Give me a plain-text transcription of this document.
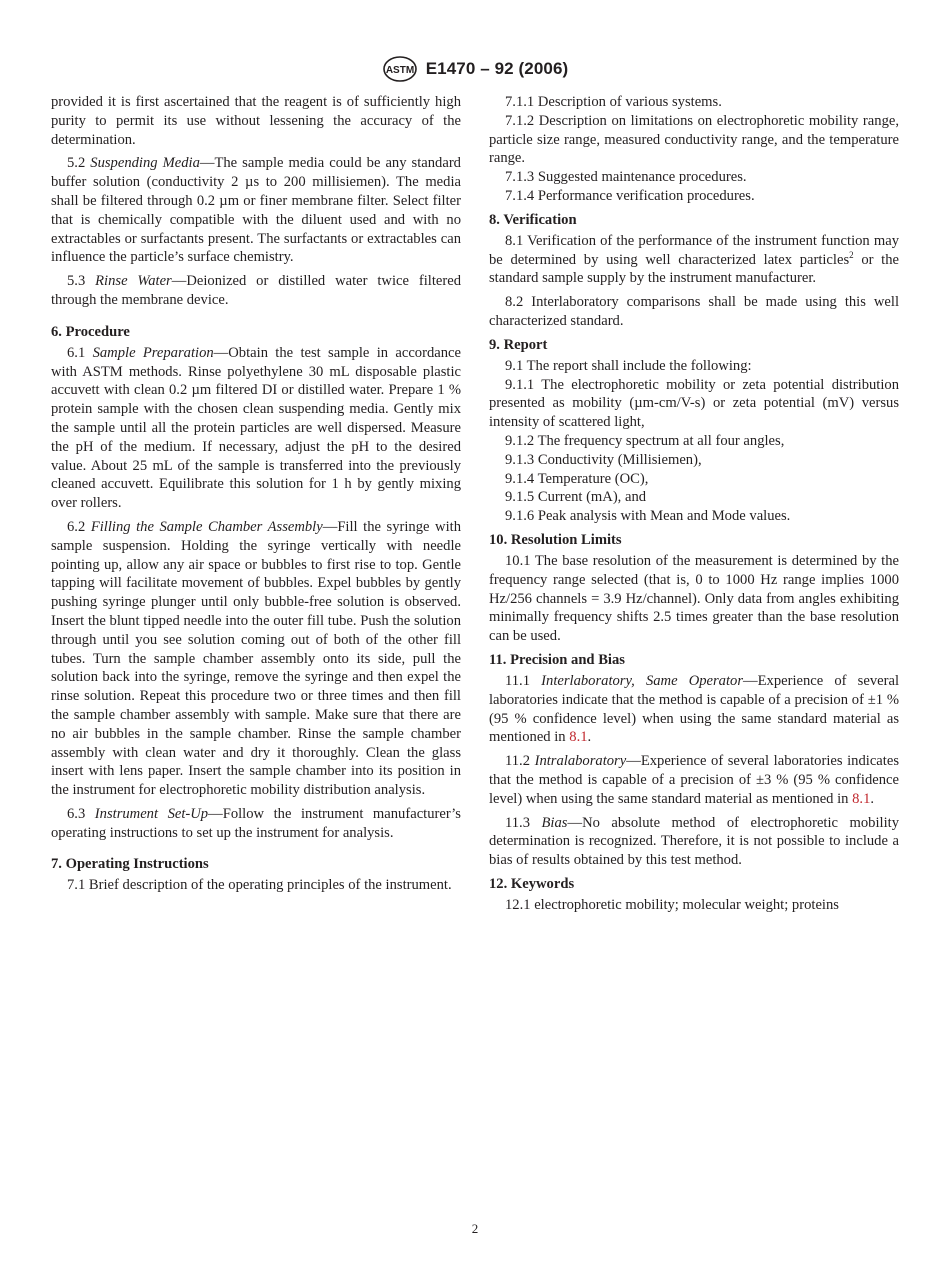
ASTM E1470 – 92 (2006)

provided it is first ascertained that the reagent is of sufficiently high purity to permit its use without lessening the accuracy of the determination.

5.2 Suspending Media—The sample media could be any standard buffer solution (conductivity 2 µs to 200 millisiemen). The media shall be filtered through 0.2 µm or finer membrane filter. Select filter that is chemically compatible with the diluent used and with no extractables or surfactants present. The surfactants or extractables can influence the particle’s surface chemistry.

5.3 Rinse Water—Deionized or distilled water twice filtered through the membrane device.

6. Procedure

6.1 Sample Preparation—Obtain the test sample in accordance with ASTM methods. Rinse polyethylene 30 mL disposable plastic accuvett with clean 0.2 µm filtered DI or distilled water. Prepare 1 % protein sample with the chosen clean suspending media. Gently mix the sample until all the protein particles are well dispersed. Measure the pH of the medium. If necessary, adjust the pH to the desired value. About 25 mL of the sample is transferred into the previously cleaned accuvett. Equilibrate this solution for 1 h by gently mixing over rollers.

6.2 Filling the Sample Chamber Assembly—Fill the syringe with sample suspension. Holding the syringe vertically with needle pointing up, allow any air space or bubbles to first rise to top. Gentle tapping will facilitate movement of bubbles. Expel bubbles by gently pushing syringe plunger until only bubble-free solution is observed. Insert the blunt tipped needle into the outer fill tube. Push the solution through until you see solution coming out of both of the other fill tubes. Turn the sample chamber assembly onto its side, pull the solution back into the syringe, remove the syringe and then expel the rinse solution. Repeat this procedure two or three times and then fill the sample chamber assembly with sample. Make sure that there are no air bubbles in the sample chamber. Rinse the sample chamber assembly with clean water and dry it thoroughly. Clean the glass insert with lens paper. Insert the sample chamber into its position in the instrument for electrophoretic mobility distribution analysis.

6.3 Instrument Set-Up—Follow the instrument manufacturer’s operating instructions to set up the instrument for analysis.

7. Operating Instructions

7.1 Brief description of the operating principles of the instrument.

7.1.1 Description of various systems.

7.1.2 Description on limitations on electrophoretic mobility range, particle size range, measured conductivity range, and the temperature range.

7.1.3 Suggested maintenance procedures.

7.1.4 Performance verification procedures.

8. Verification

8.1 Verification of the performance of the instrument function may be determined by using well characterized latex particles$^2$ or the standard sample supply by the instrument manufacturer.

8.2 Interlaboratory comparisons shall be made using this well characterized standard.

9. Report

9.1 The report shall include the following:

9.1.1 The electrophoretic mobility or zeta potential distribution presented as mobility (µm-cm/V-s) or zeta potential (mV) versus intensity of scattered light,

9.1.2 The frequency spectrum at all four angles,

9.1.3 Conductivity (Millisiemen),

9.1.4 Temperature (OC),

9.1.5 Current (mA), and

9.1.6 Peak analysis with Mean and Mode values.

10. Resolution Limits

10.1 The base resolution of the measurement is determined by the frequency range selected (that is, 0 to 1000 Hz range implies 1000 Hz/256 channels = 3.9 Hz/channel). Only data from angles exhibiting minimally frequency shifts 2.5 times greater than the base resolution can be used.

11. Precision and Bias

11.1 Interlaboratory, Same Operator—Experience of several laboratories indicate that the method is capable of a precision of ±1 % (95 % confidence level) when using the same standard material as mentioned in 8.1.

11.2 Intralaboratory—Experience of several laboratories indicates that the method is capable of a precision of ±3 % (95 % confidence level) when using the same standard material as mentioned in 8.1.

11.3 Bias—No absolute method of electrophoretic mobility determination is recognized. Therefore, it is not possible to include a bias of results obtained by this test method.

12. Keywords

12.1 electrophoretic mobility; molecular weight; proteins

2
